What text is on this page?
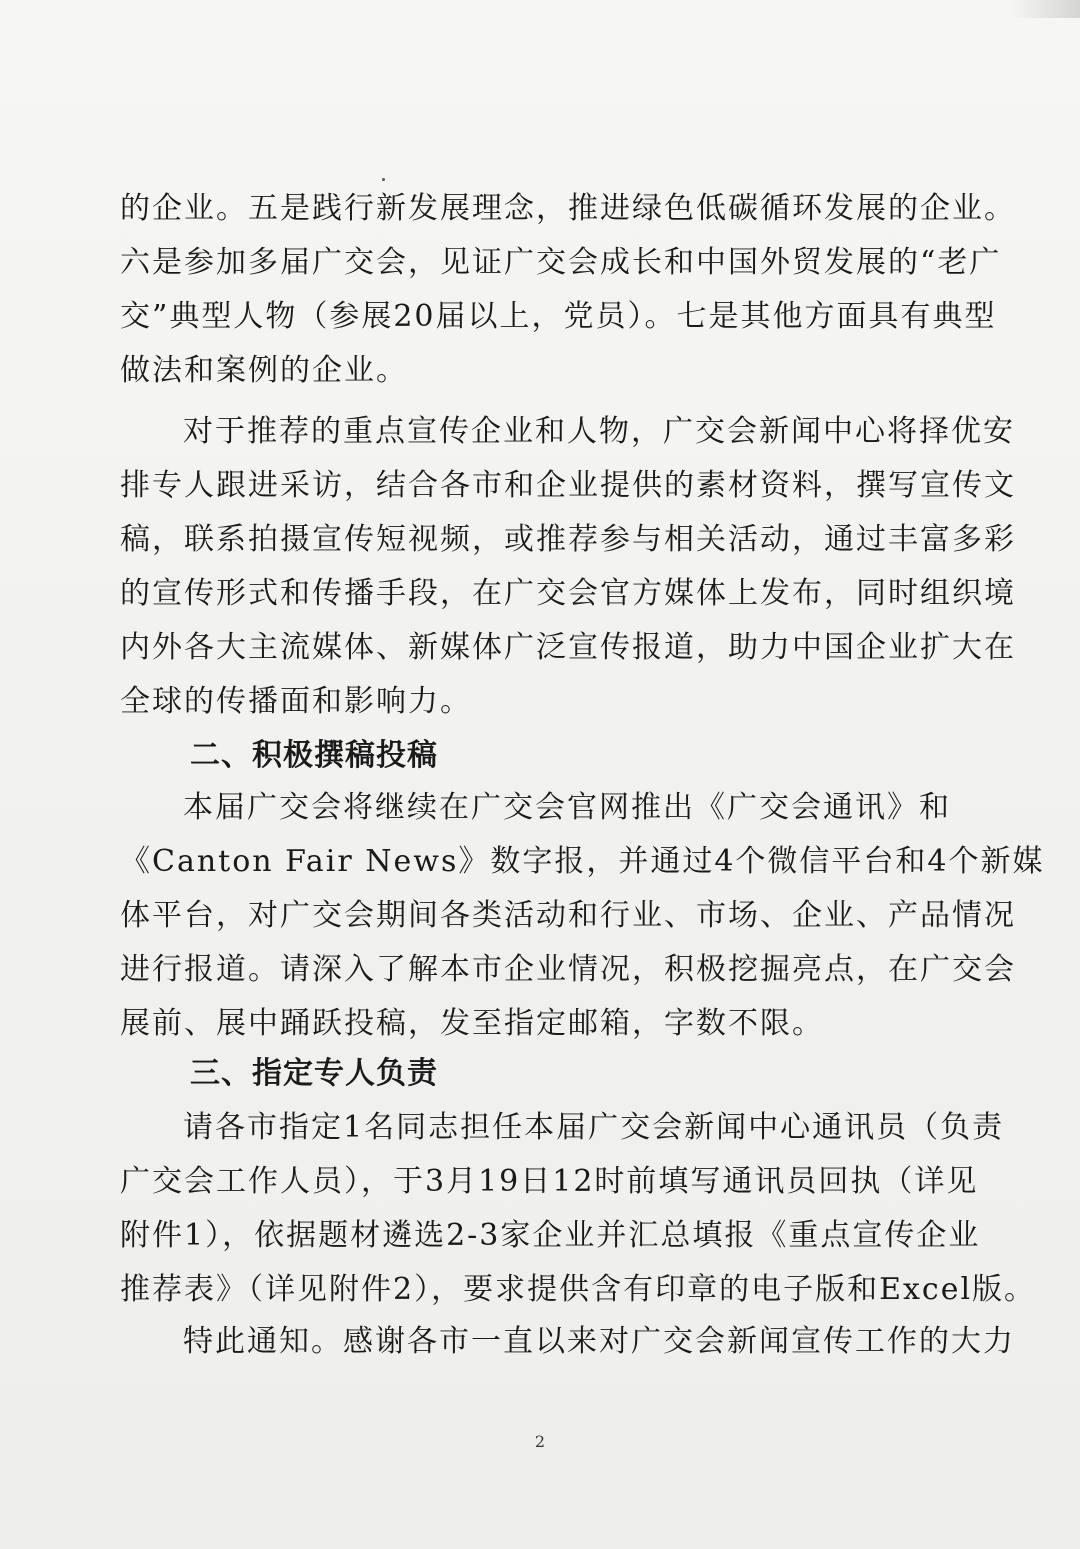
的企业。五是践行新发展理念，推进绿色低碳循环发展的企业。
六是参加多届广交会，见证广交会成长和中国外贸发展的“老广
交”典型人物（参展20届以上，党员）。七是其他方面具有典型
做法和案例的企业。
对于推荐的重点宣传企业和人物，广交会新闻中心将择优安
排专人跟进采访，结合各市和企业提供的素材资料，撰写宣传文
稿，联系拍摄宣传短视频，或推荐参与相关活动，通过丰富多彩
的宣传形式和传播手段，在广交会官方媒体上发布，同时组织境
内外各大主流媒体、新媒体广泛宣传报道，助力中国企业扩大在
全球的传播面和影响力。
二、积极撰稿投稿
本届广交会将继续在广交会官网推出《广交会通讯》和
《Canton Fair News》数字报，并通过4个微信平台和4个新媒
体平台，对广交会期间各类活动和行业、市场、企业、产品情况
进行报道。请深入了解本市企业情况，积极挖掘亮点，在广交会
展前、展中踊跃投稿，发至指定邮箱，字数不限。
三、指定专人负责
请各市指定1名同志担任本届广交会新闻中心通讯员（负责
广交会工作人员），于3月19日12时前填写通讯员回执（详见
附件1），依据题材遴选2-3家企业并汇总填报《重点宣传企业
推荐表》（详见附件2），要求提供含有印章的电子版和Excel版。
特此通知。感谢各市一直以来对广交会新闻宣传工作的大力
2
